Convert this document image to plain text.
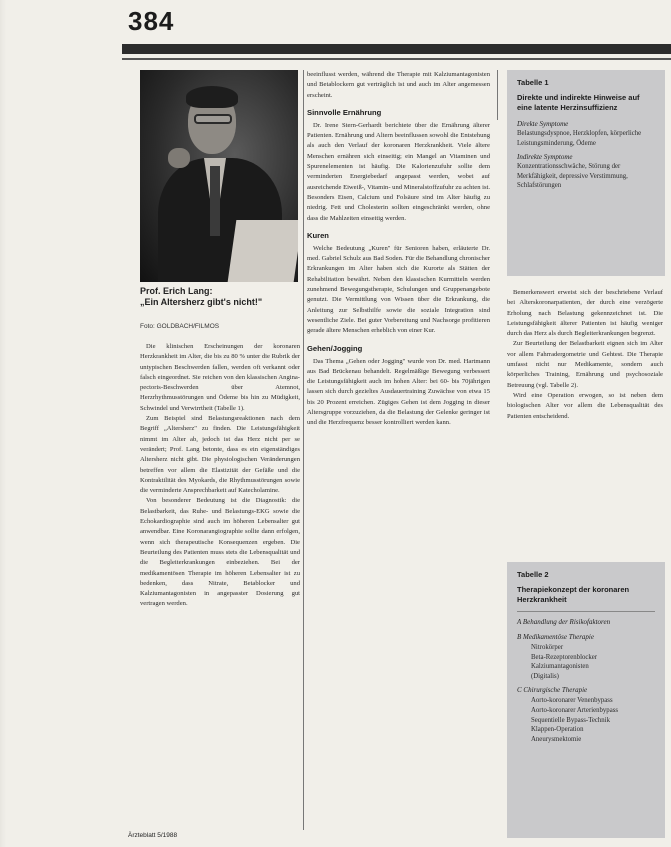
384
Prof. Erich Lang:
„Ein Altersherz gibt's nicht!"
Foto: GOLDBACH/FILMOS

Die klinischen Erscheinungen der koronaren Herzkrankheit im Alter, die bis zu 80 % unter die Rubrik der untypischen Beschwerden fallen, werden oft verkannt oder falsch eingeordnet. Sie reichen von den klassischen Angina-pectoris-Beschwerden über Atemnot, Herzrhythmusstörungen und Ödeme bis hin zu Müdigkeit, Schwindel und Verwirrtheit (Tabelle 1).

Zum Beispiel sind Belastungsreaktionen nach dem Begriff „Altersherz" zu finden. Die Leistungsfähigkeit nimmt im Alter ab, jedoch ist das Herz nicht per se verändert; Prof. Lang betonte, dass es ein eigenständiges Altersherz nicht gibt. Die physiologischen Veränderungen betreffen vor allem die Elastizität der Gefäße und die Kontraktilität des Myokards, die Rhythmusstörungen sowie die verminderte Ansprechbarkeit auf Katecholamine.

Von besonderer Bedeutung ist die Diagnostik: die Belastbarkeit, das Ruhe- und Belastungs-EKG sowie die Echokardiographie sind auch im höheren Lebensalter gut anwendbar. Eine Koronarangiographie sollte dann erfolgen, wenn sich therapeutische Konsequenzen ergeben. Die Beurteilung des Patienten muss stets die Lebensqualität und die Begleiterkrankungen einbeziehen. Bei der medikamentösen Therapie im höheren Lebensalter ist zu bedenken, dass Nitrate, Betablocker und Kalziumantagonisten in angepasster Dosierung gut vertragen werden.

beeinflusst werden, während die Therapie mit Kalziumantagonisten und Betablockern gut verträglich ist und auch im Alter angemessen erscheint.

Sinnvolle Ernährung

Dr. Irene Stern-Gerhardt berichtete über die Ernährung älterer Patienten. Ernährung und Altern beeinflussen sowohl die Entstehung als auch den Verlauf der koronaren Herzkrankheit. Viele ältere Menschen ernähren sich einseitig; ein Mangel an Vitaminen und Spurenelementen ist häufig. Die Kalorienzufuhr sollte dem verminderten Energiebedarf angepasst werden, wobei auf ausreichende Eiweiß-, Vitamin- und Mineralstoffzufuhr zu achten ist. Besonders Eisen, Calcium und Folsäure sind im Alter häufig zu niedrig. Fett und Cholesterin sollten eingeschränkt werden, ohne dass die Mahlzeiten einseitig werden.

Kuren

Welche Bedeutung „Kuren" für Senioren haben, erläuterte Dr. med. Gabriel Schulz aus Bad Soden. Für die Behandlung chronischer Erkrankungen im Alter haben sich die Kurorte als Stätten der Rehabilitation bewährt. Neben den klassischen Kurmitteln werden zunehmend Bewegungstherapie, Schulungen und Gruppenangebote genutzt. Die Vermittlung von Wissen über die Erkrankung, die Anleitung zur Selbsthilfe sowie die soziale Integration sind wesentliche Ziele. Bei guter Vorbereitung und Nachsorge profitieren gerade ältere Menschen erheblich von einer Kur.

Gehen/Jogging

Das Thema „Gehen oder Jogging" wurde von Dr. med. Hartmann aus Bad Brückenau behandelt. Regelmäßige Bewegung verbessert die Leistungsfähigkeit auch im hohen Alter: bei 60- bis 70jährigen lassen sich durch gezieltes Ausdauertraining Zuwächse von etwa 15 bis 20 Prozent erreichen. Zügiges Gehen ist dem Jogging in dieser Altersgruppe vorzuziehen, da die Belastung der Gelenke geringer ist und die Herzfrequenz besser kontrolliert werden kann.

Tabelle 1
Direkte und indirekte Hinweise auf eine latente Herzinsuffizienz
Direkte Symptome
Belastungsdyspnoe, Herzklopfen, körperliche Leistungsminderung, Ödeme
Indirekte Symptome
Konzentrationsschwäche, Störung der Merkfähigkeit, depressive Verstimmung, Schlafstörungen

Bemerkenswert erweist sich der beschriebene Verlauf bei Alterskoronarpatienten, der durch eine verzögerte Erholung nach Belastung gekennzeichnet ist. Die Leistungsfähigkeit älterer Patienten ist häufig weniger durch das Herz als durch Begleiterkrankungen begrenzt.

Zur Beurteilung der Belastbarkeit eignen sich im Alter vor allem Fahrradergometrie und Gehtest. Die Therapie umfasst nicht nur Medikamente, sondern auch körperliches Training, Ernährung und psychosoziale Betreuung (vgl. Tabelle 2).

Wird eine Operation erwogen, so ist neben dem biologischen Alter vor allem die Lebensqualität des Patienten entscheidend.

Tabelle 2
Therapiekonzept der koronaren Herzkrankheit
A Behandlung der Risikofaktoren
B Medikamentöse Therapie
Nitrokörper
Beta-Rezeptorenblocker
Kalziumantagonisten
(Digitalis)
C Chirurgische Therapie
Aorto-koronarer Venenbypass
Aorto-koronarer Arterienbypass
Sequentielle Bypass-Technik
Klappen-Operation
Aneurysmektomie
Ärzteblatt 5/1988
